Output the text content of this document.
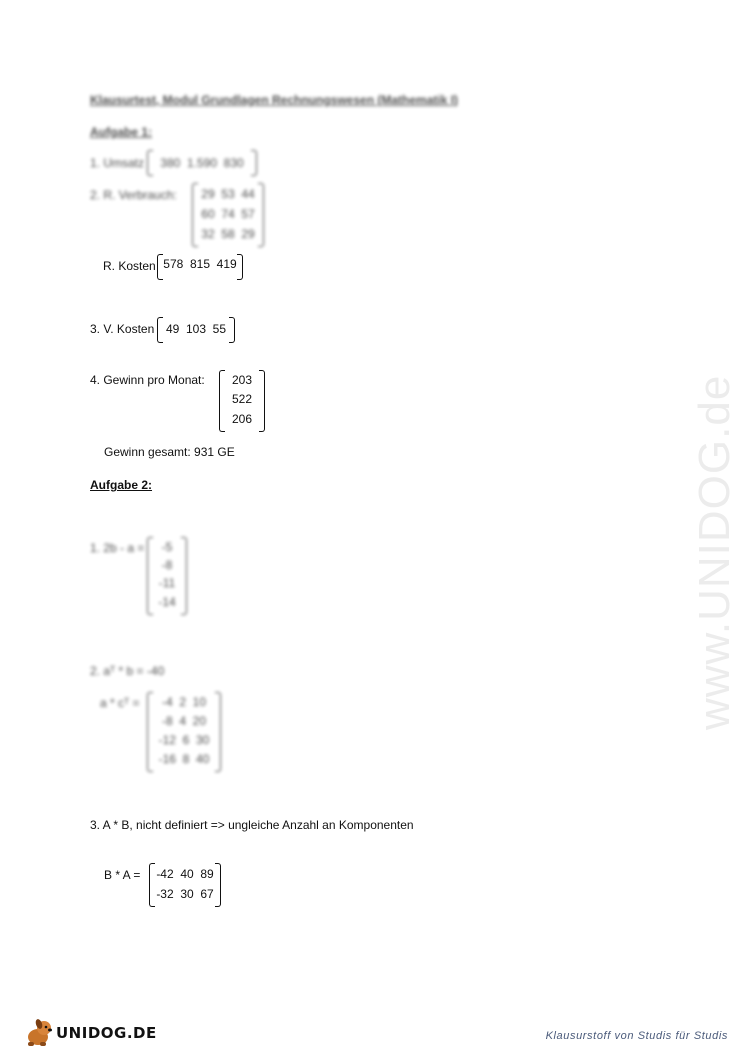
Klausurtest, Modul Grundlagen Rechnungswesen (Mathematik I)
Aufgabe 1:
1. Umsatz	380  1.590  830
2. R. Verbrauch:	29  53  44
60  74  57
32  58  29
R. Kosten 578  815  419
3. V. Kosten 49  103  55
4. Gewinn pro Monat:	203
522
206
Gewinn gesamt: 931 GE
Aufgabe 2:
1. 2b - a =	-5
-8
-11
-14
2. aᵀ * b = -40
a * cᵀ =	-4  2  10
-8  4  20
-12  6  30
-16  8  40
3. A * B, nicht definiert => ungleiche Anzahl an Komponenten
B * A =	-42  40  89
-32  30  67
www.UNIDOG.de
UNIDOG.DE	Klausurstoff von Studis für Studis
